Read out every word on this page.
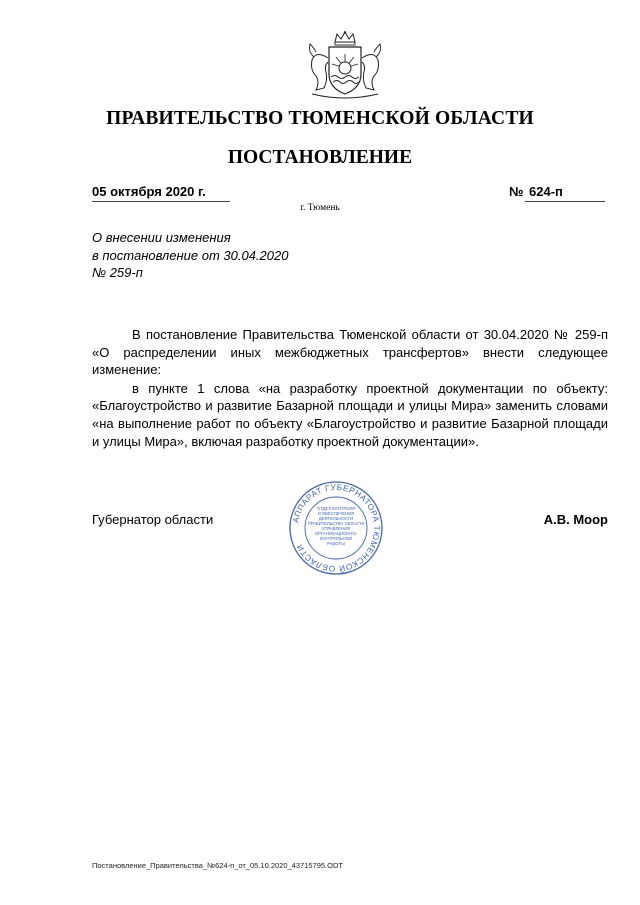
ПРАВИТЕЛЬСТВО ТЮМЕНСКОЙ ОБЛАСТИ
ПОСТАНОВЛЕНИЕ
05 октября 2020 г.	№ 624-п
г. Тюмень
О внесении изменения
в постановление от 30.04.2020
№ 259-п

В постановление Правительства Тюменской области от 30.04.2020 № 259-п «О распределении иных межбюджетных трансфертов» внести следующее изменение:

в пункте 1 слова «на разработку проектной документации по объекту: «Благоустройство и развитие Базарной площади и улицы Мира» заменить словами «на выполнение работ по объекту «Благоустройство и развитие Базарной площади и улицы Мира», включая разработку проектной документации».

Губернатор области	АППАРАТ ГУБЕРНАТОРА ТЮМЕНСКОЙ ОБЛАСТИ
ОТДЕЛ КОНТРОЛЯ
И ОБЕСПЕЧЕНИЯ
ДЕЯТЕЛЬНОСТИ
ПРАВИТЕЛЬСТВА ОБЛАСТИ
УПРАВЛЕНИЯ
ОРГАНИЗАЦИОННО-
КОНТРОЛЬНОЙ
РАБОТЫ
А.В. Моор
Постановление_Правительства_№624-п_от_05.10.2020_43715795.ODT
